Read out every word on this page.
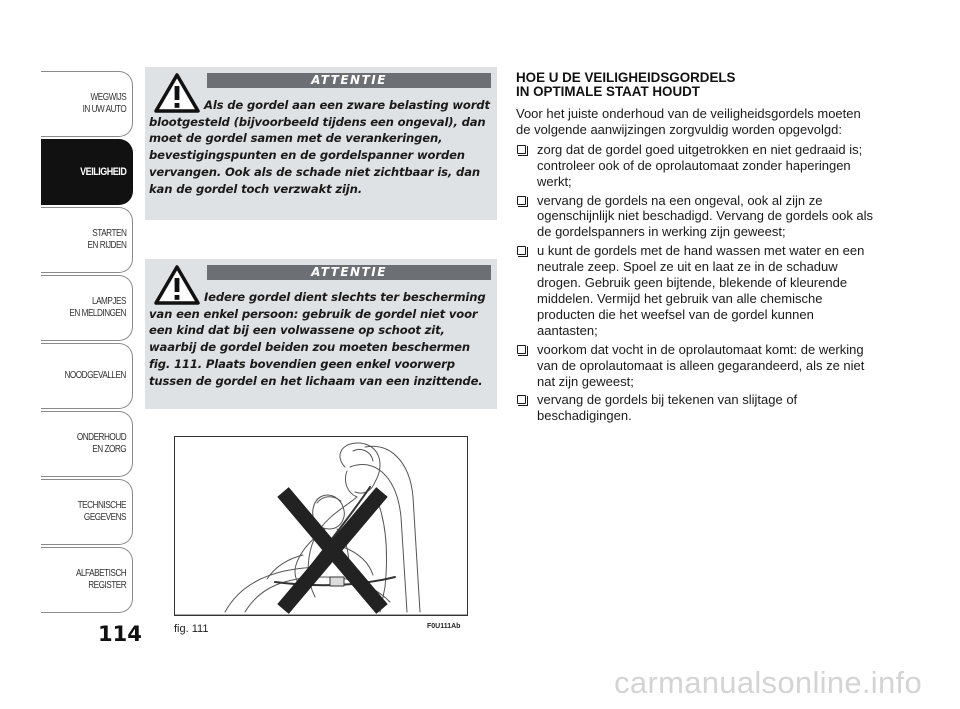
WEGWIJS
IN UW AUTO
VEILIGHEID
STARTEN
EN RIJDEN
LAMPJES
EN MELDINGEN
NOODGEVALLEN
ONDERHOUD
EN ZORG
TECHNISCHE
GEGEVENS
ALFABETISCH
REGISTER
114
ATTENTIE
Als de gordel aan een zware belasting wordt blootgesteld (bijvoorbeeld tijdens een ongeval), dan moet de gordel samen met de verankeringen, bevestigingspunten en de gordelspanner worden vervangen. Ook als de schade niet zichtbaar is, dan kan de gordel toch verzwakt zijn.
ATTENTIE
Iedere gordel dient slechts ter bescherming van een enkel persoon: gebruik de gordel niet voor een kind dat bij een volwassene op schoot zit, waarbij de gordel beiden zou moeten beschermen fig. 111. Plaats bovendien geen enkel voorwerp tussen de gordel en het lichaam van een inzittende.
fig. 111	F0U111Ab
HOE U DE VEILIGHEIDSGORDELS
IN OPTIMALE STAAT HOUDT

Voor het juiste onderhoud van de veiligheidsgordels moeten de volgende aanwijzingen zorgvuldig worden opgevolgd:

zorg dat de gordel goed uitgetrokken en niet gedraaid is; controleer ook of de oprolautomaat zonder haperingen werkt;
vervang de gordels na een ongeval, ook al zijn ze ogenschijnlijk niet beschadigd. Vervang de gordels ook als de gordelspanners in werking zijn geweest;
u kunt de gordels met de hand wassen met water en een neutrale zeep. Spoel ze uit en laat ze in de schaduw drogen. Gebruik geen bijtende, blekende of kleurende middelen. Vermijd het gebruik van alle chemische producten die het weefsel van de gordel kunnen aantasten;
voorkom dat vocht in de oprolautomaat komt: de werking van de oprolautomaat is alleen gegarandeerd, als ze niet nat zijn geweest;
vervang de gordels bij tekenen van slijtage of beschadigingen.
carmanualsonline.info
